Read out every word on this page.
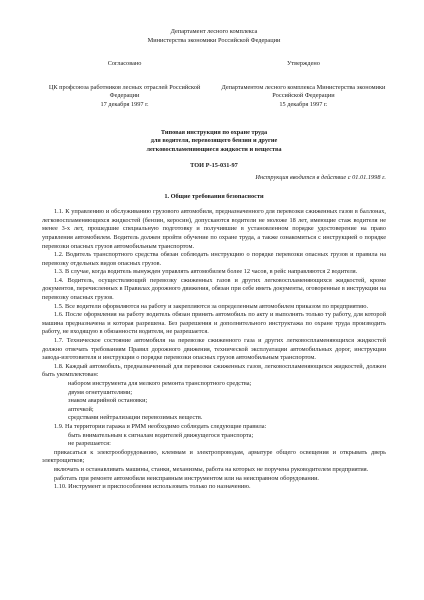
Департамент лесного комплекса

Министерства экономики Российской Федерации

Согласовано

ЦК профсоюза работников лесных отраслей Российской Федерации

17 декабря 1997 г.

Утверждено

Департаментом лесного комплекса Министерства экономики Российской Федерации

15 декабря 1997 г.

Типовая инструкция по охране труда

для водителя, перевозящего бензин и другие

легковоспламеняющиеся жидкости и вещества

ТОИ Р-15-031-97

Инструкция вводится в действие с 01.01.1998 г.

1. Общие требования безопасности

1.1. К управлению и обслуживанию грузового автомобиля, предназначенного для перевозки сжиженных газов в баллонах, легковоспламеняющихся жидкостей (бензин, керосин), допускаются водители не моложе 18 лет, имеющие стаж водителя не менее 3-х лет, прошедшие специальную подготовку и получившие в установленном порядке удостоверение на право управления автомобилем. Водитель должен пройти обучение по охране труда, а также ознакомиться с инструкцией о порядке перевозки опасных грузов автомобильным транспортом.

1.2. Водитель транспортного средства обязан соблюдать инструкцию о порядке перевозки опасных грузов и правила на перевозку отдельных видов опасных грузов.

1.3. В случае, когда водитель вынужден управлять автомобилем более 12 часов, в рейс направляются 2 водителя.

1.4. Водитель, осуществляющий перевозку сжиженных газов и других легковоспламеняющихся жидкостей, кроме документов, перечисленных в Правилах дорожного движения, обязан при себе иметь документы, оговоренные в инструкции на перевозку опасных грузов.

1.5. Все водители оформляются на работу и закрепляются за определенным автомобилем приказом по предприятию.

1.6. После оформления на работу водитель обязан принять автомобиль по акту и выполнять только ту работу, для которой машина предназначена и которая разрешена. Без разрешения и дополнительного инструктажа по охране труда производить работу, не входящую в обязанности водителя, не разрешается.

1.7. Техническое состояние автомобиля на перевозке сжиженного газа и других легковоспламеняющихся жидкостей должно отвечать требованиям Правил дорожного движения, технической эксплуатации автомобильных дорог, инструкции завода-изготовителя и инструкции о порядке перевозки опасных грузов автомобильным транспортом.

1.8. Каждый автомобиль, предназначенный для перевозки сжиженных газов, легковоспламеняющихся жидкостей, должен быть укомплектован:

набором инструмента для мелкого ремонта транспортного средства;

двумя огнетушителями;

знаком аварийной остановки;

аптечкой;

средствами нейтрализации перевозимых веществ.

1.9. На территории гаража и РММ необходимо соблюдать следующие правила:

быть внимательным к сигналам водителей движущегося транспорта;

не разрешается:

прикасаться к электрооборудованию, клеммам и электропроводам, арматуре общего освещения и открывать дверь электрощитков;

включать и останавливать машины, станки, механизмы, работа на которых не поручена руководителем предприятия.

работать при ремонте автомобиля неисправным инструментом или на неисправном оборудовании.

1.10. Инструмент и приспособления использовать только по назначению.
